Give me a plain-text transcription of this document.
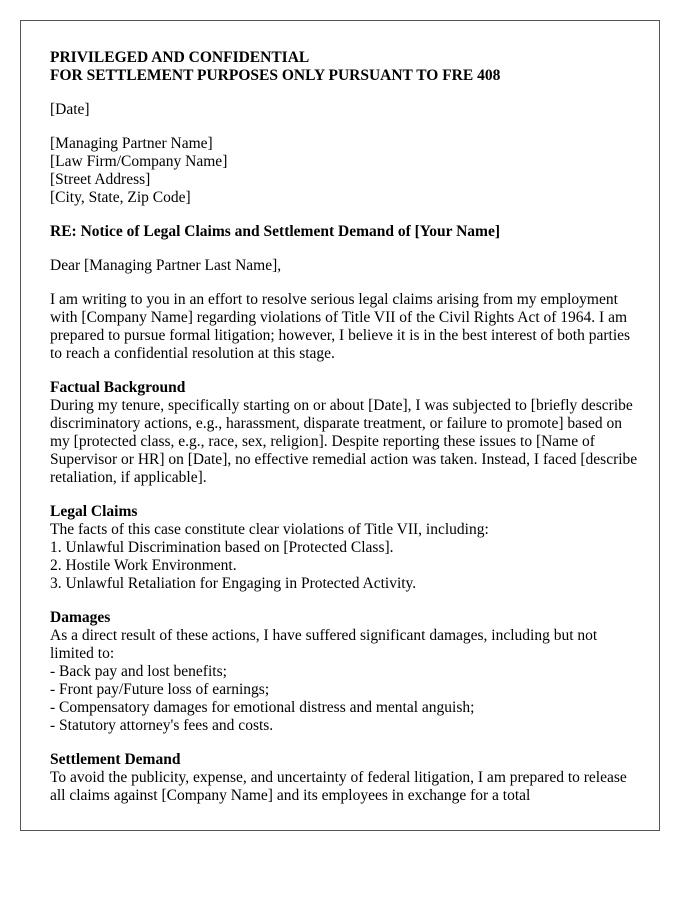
PRIVILEGED AND CONFIDENTIAL
FOR SETTLEMENT PURPOSES ONLY PURSUANT TO FRE 408

[Date]

[Managing Partner Name]
[Law Firm/Company Name]
[Street Address]
[City, State, Zip Code]

RE: Notice of Legal Claims and Settlement Demand of [Your Name]

Dear [Managing Partner Last Name],

I am writing to you in an effort to resolve serious legal claims arising from my employment with [Company Name] regarding violations of Title VII of the Civil Rights Act of 1964. I am prepared to pursue formal litigation; however, I believe it is in the best interest of both parties to reach a confidential resolution at this stage.

Factual Background
During my tenure, specifically starting on or about [Date], I was subjected to [briefly describe discriminatory actions, e.g., harassment, disparate treatment, or failure to promote] based on my [protected class, e.g., race, sex, religion]. Despite reporting these issues to [Name of Supervisor or HR] on [Date], no effective remedial action was taken. Instead, I faced [describe retaliation, if applicable].
Legal Claims
The facts of this case constitute clear violations of Title VII, including:
1. Unlawful Discrimination based on [Protected Class].
2. Hostile Work Environment.
3. Unlawful Retaliation for Engaging in Protected Activity.
Damages
As a direct result of these actions, I have suffered significant damages, including but not limited to:
- Back pay and lost benefits;
- Front pay/Future loss of earnings;
- Compensatory damages for emotional distress and mental anguish;
- Statutory attorney's fees and costs.
Settlement Demand
To avoid the publicity, expense, and uncertainty of federal litigation, I am prepared to release all claims against [Company Name] and its employees in exchange for a total
